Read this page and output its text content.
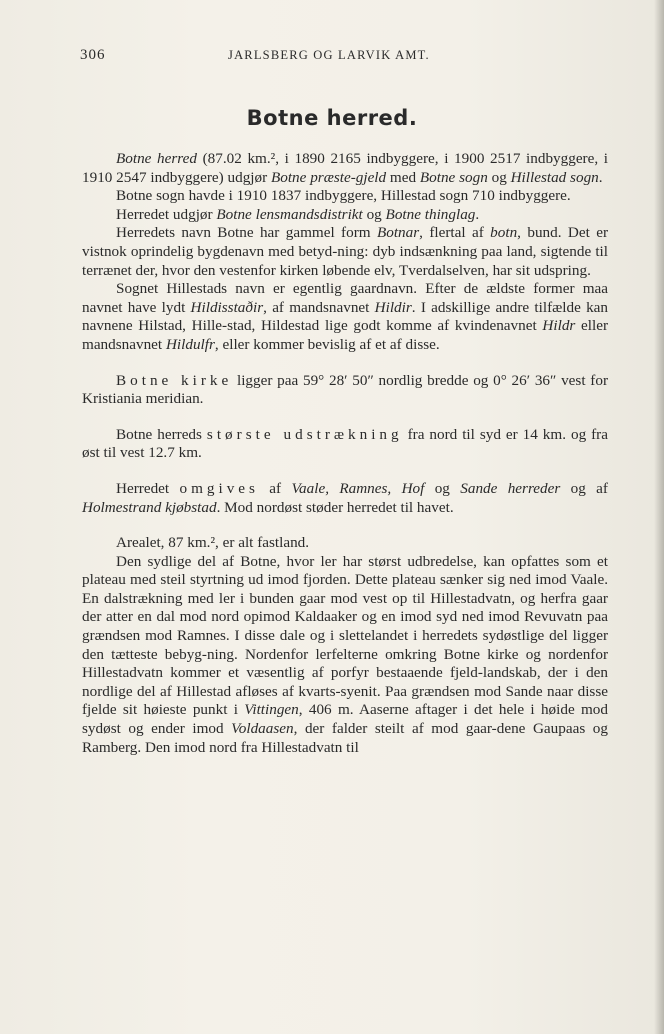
306	JARLSBERG OG LARVIK AMT.
Botne herred.

Botne herred (87.02 km.², i 1890 2165 indbyggere, i 1900 2517 indbyggere, i 1910 2547 indbyggere) udgjør Botne præste-gjeld med Botne sogn og Hillestad sogn.

Botne sogn havde i 1910 1837 indbyggere, Hillestad sogn 710 indbyggere.

Herredet udgjør Botne lensmandsdistrikt og Botne thinglag.

Herredets navn Botne har gammel form Botnar, flertal af botn, bund. Det er vistnok oprindelig bygdenavn med betyd-ning: dyb indsænkning paa land, sigtende til terrænet der, hvor den vestenfor kirken løbende elv, Tverdalselven, har sit udspring.

Sognet Hillestads navn er egentlig gaardnavn. Efter de ældste former maa navnet have lydt Hildisstaðir, af mandsnavnet Hildir. I adskillige andre tilfælde kan navnene Hilstad, Hille-stad, Hildestad lige godt komme af kvindenavnet Hildr eller mandsnavnet Hildulfr, eller kommer bevislig af et af disse.

Botne kirke ligger paa 59° 28′ 50″ nordlig bredde og 0° 26′ 36″ vest for Kristiania meridian.

Botne herreds største udstrækning fra nord til syd er 14 km. og fra øst til vest 12.7 km.

Herredet omgives af Vaale, Ramnes, Hof og Sande herreder og af Holmestrand kjøbstad. Mod nordøst støder herredet til havet.

Arealet, 87 km.², er alt fastland.

Den sydlige del af Botne, hvor ler har størst udbredelse, kan opfattes som et plateau med steil styrtning ud imod fjorden. Dette plateau sænker sig ned imod Vaale. En dalstrækning med ler i bunden gaar mod vest op til Hillestadvatn, og herfra gaar der atter en dal mod nord opimod Kaldaaker og en imod syd ned imod Revuvatn paa grændsen mod Ramnes. I disse dale og i slettelandet i herredets sydøstlige del ligger den tætteste bebyg-ning. Nordenfor lerfelterne omkring Botne kirke og nordenfor Hillestadvatn kommer et væsentlig af porfyr bestaaende fjeld-landskab, der i den nordlige del af Hillestad afløses af kvarts-syenit. Paa grændsen mod Sande naar disse fjelde sit høieste punkt i Vittingen, 406 m. Aaserne aftager i det hele i høide mod sydøst og ender imod Voldaasen, der falder steilt af mod gaar-dene Gaupaas og Ramberg. Den imod nord fra Hillestadvatn til
